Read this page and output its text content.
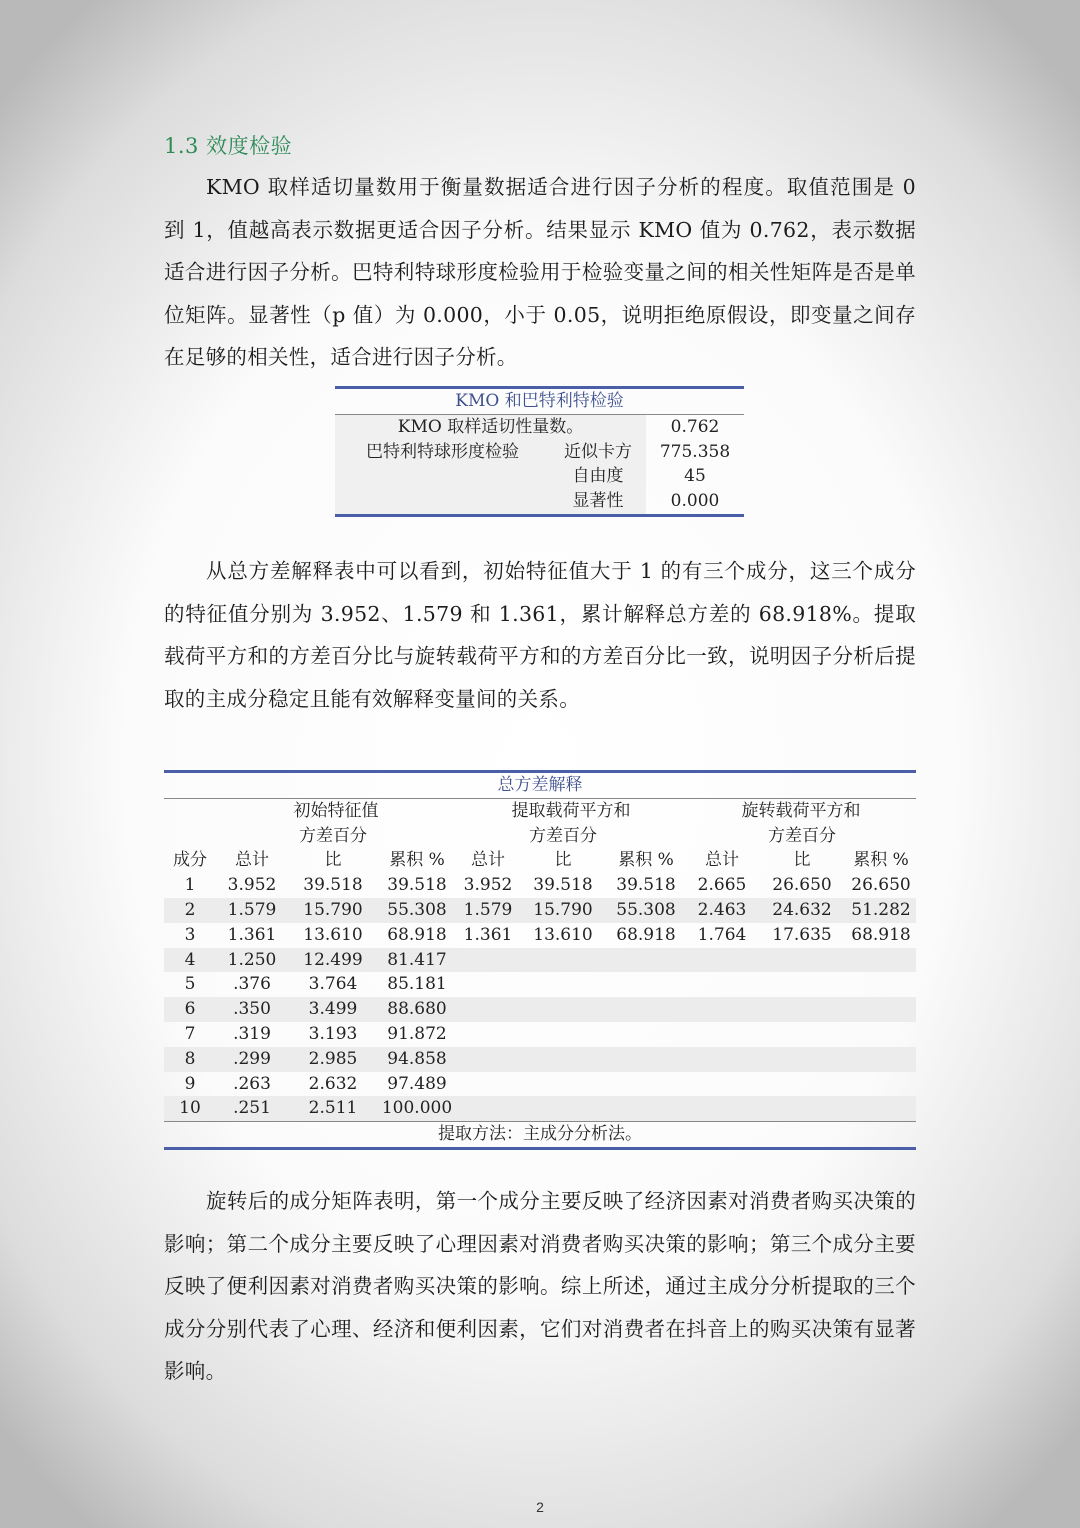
1.3 效度检验

KMO 取样适切量数用于衡量数据适合进行因子分析的程度。取值范围是 0 到 1，值越高表示数据更适合因子分析。结果显示 KMO 值为 0.762，表示数据适合进行因子分析。巴特利特球形度检验用于检验变量之间的相关性矩阵是否是单位矩阵。显著性（p 值）为 0.000，小于 0.05，说明拒绝原假设，即变量之间存在足够的相关性，适合进行因子分析。

KMO 和巴特利特检验		
KMO 取样适切性量数。		0.762
巴特利特球形度检验	近似卡方	775.358
	自由度	45
	显著性	0.000

从总方差解释表中可以看到，初始特征值大于 1 的有三个成分，这三个成分的特征值分别为 3.952、1.579 和 1.361，累计解释总方差的 68.918%。提取载荷平方和的方差百分比与旋转载荷平方和的方差百分比一致，说明因子分析后提取的主成分稳定且能有效解释变量间的关系。

总方差解释									
	初始特征值			提取载荷平方和			旋转载荷平方和		
		方差百分			方差百分			方差百分	
成分	总计	比	累积 %	总计	比	累积 %	总计	比	累积 %
1	3.952	39.518	39.518	3.952	39.518	39.518	2.665	26.650	26.650
2	1.579	15.790	55.308	1.579	15.790	55.308	2.463	24.632	51.282
3	1.361	13.610	68.918	1.361	13.610	68.918	1.764	17.635	68.918
4	1.250	12.499	81.417						
5	.376	3.764	85.181						
6	.350	3.499	88.680						
7	.319	3.193	91.872						
8	.299	2.985	94.858						
9	.263	2.632	97.489						
10	.251	2.511	100.000						
提取方法：主成分分析法。									

旋转后的成分矩阵表明，第一个成分主要反映了经济因素对消费者购买决策的影响；第二个成分主要反映了心理因素对消费者购买决策的影响；第三个成分主要反映了便利因素对消费者购买决策的影响。综上所述，通过主成分分析提取的三个成分分别代表了心理、经济和便利因素，它们对消费者在抖音上的购买决策有显著影响。

2
